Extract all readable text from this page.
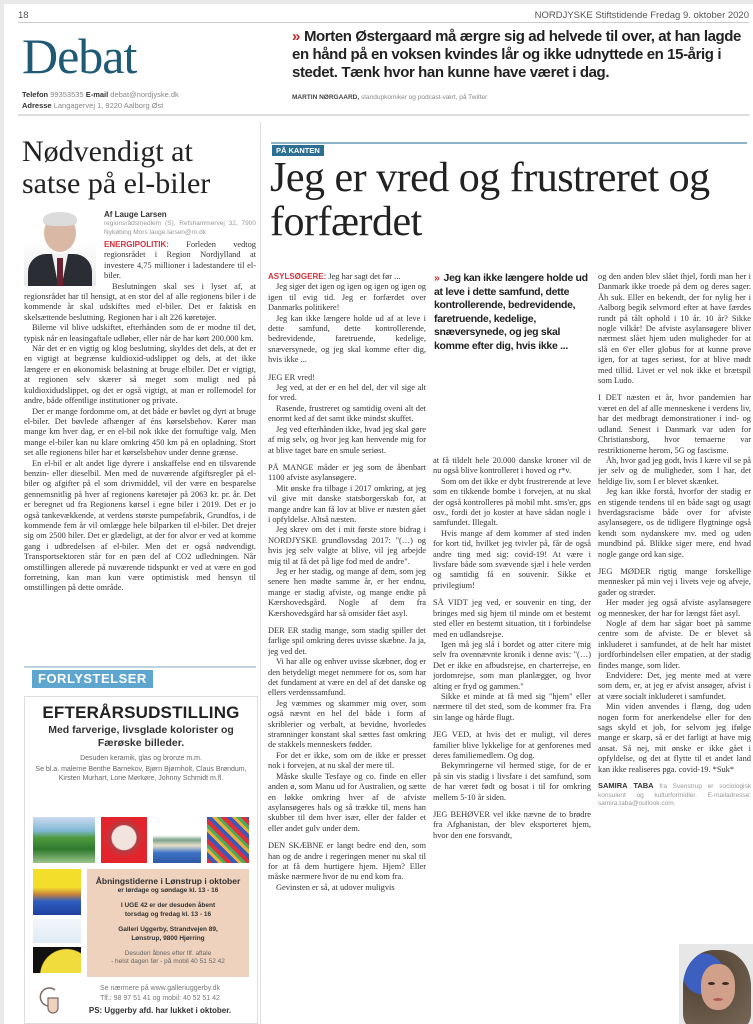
18	NORDJYSKE Stiftstidende Fredag 9. oktober 2020
Debat
Telefon 99353535 E-mail debat@nordjyske.dk
Adresse Langagervej 1, 9220 Aalborg Øst
» Morten Østergaard må ærgre sig ad helvede til over, at han lagde en hånd på en voksen kvindes lår og ikke udnyttede en 15-årig i stedet. Tænk hvor han kunne have været i dag.
MARTIN NØRGAARD, standupkomiker og podcast-vært, på Twitter
Nødvendigt at satse på el-biler
Af Lauge Larsen
regionsrådsmedlem (S), Refshammervej 32, 7900 Nykøbing Mors lauge.larsen@rn.dk

ENERGIPOLITIK: Forleden vedtog regionsrådet i Region Nordjylland at investere 4,75 millioner i ladestandere til el-biler.

Beslutningen skal ses i lyset af, at regionsrådet har til hensigt, at en stor del af alle regionens biler i de kommende år skal udskiftes med el-biler. Det er faktisk en skelsættende beslutning. Regionen har i alt 226 køretøjer.

Bilerne vil blive udskiftet, efterhånden som de er modne til det, typisk når en leasingaftale udløber, eller når de har kørt 200.000 km.

Når det er en vigtig og klog beslutning, skyldes det dels, at det er en vigtigt at begrænse kuldioxid-udslippet og dels, at det ikke længere er en økonomisk belastning at bruge elbiler. Det er vigtigt, at regionen selv skærer så meget som muligt ned på kuldioxidudslippet, og det er også vigtigt, at man er rollemodel for andre, både offentlige institutioner og private.

Der er mange fordomme om, at det både er bøvlet og dyrt at bruge el-biler. Det bøvlede afhænger af éns kørselsbehov. Kører man mange km hver dag, er en el-bil nok ikke det fornuftige valg. Men mange el-biler kan nu klare omkring 450 km på en opladning. Stort set alle regionens biler har et kørselsbehov under denne grænse.

En el-bil er alt andet lige dyrere i anskaffelse end en tilsvarende benzin- eller dieselbil. Men med de nuværende afgiftsregler på el-biler og afgifter på el som drivmiddel, vil der være en besparelse gennemsnitlig på hver af regionens køretøjer på 2063 kr. pr. år. Det er beregnet ud fra Regionens kørsel i egne biler i 2019. Det er jo også tankevækkende, at verdens største pumpefabrik, Grundfos, i de kommende fem år vil omlægge hele bilparken til el-biler. Det drejer sig om 2500 biler. Det er glædeligt, at der for alvor er ved at komme gang i udbredelsen af el-biler. Men det er også nødvendigt. Transportsektoren står for en pæn del af CO2 udledningen. Når omstillingen allerede på nuværende tidspunkt er ved at være en god forretning, kan man kun være optimistisk med hensyn til omstillingen på dette område.

FORLYSTELSER
EFTERÅRSUDSTILLING
Med farverige, livsglade kolorister og Færøske billeder.
Desuden keramik, glas og bronze m.m.
Se bl.a. malerne Benthe Barnekov, Bjørn Bjørnholt, Claus Brøndum, Kirsten Murhart, Lone Mørkøre, Johnny Schmidt m.fl.
Åbningstiderne i Lønstrup i oktober
er lørdage og søndage kl. 13 - 16
I UGE 42 er der desuden åbent
torsdag og fredag kl. 13 - 16
Galleri Uggerby, Strandvejen 89,
Lønstrup, 9800 Hjørring
Desuden åbnes efter tlf. aftale
- helst dagen før - på mobil 40 51 52 42
Se nærmere på www.galleriuggerby.dk
Tlf.: 98 97 51 41 og mobil: 40 52 51 42
PS: Uggerby afd. har lukket i oktober.
PÅ KANTEN
Jeg er vred og frustreret og forfærdet

ASYLSØGERE: Jeg har sagt det før ...

Jeg siger det igen og igen og igen og igen og igen til evig tid. Jeg er forfærdet over Danmarks politikere!

Jeg kan ikke længere holde ud af at leve i dette samfund, dette kontrollerende, bedrevidende, faretruende, kedelige, snæversynede, og jeg skal komme efter dig, hvis ikke ...

JEG ER vred!

Jeg ved, at der er en hel del, der vil sige alt for vred.

Rasende, frustreret og samtidig oveni alt det enormt ked af det samt ikke mindst skuffet.

Jeg ved efterhånden ikke, hvad jeg skal gøre af mig selv, og hvor jeg kan henvende mig for at blive taget bare en smule seriøst.

PÅ MANGE måder er jeg som de åbenbart 1100 afviste asylansøgere.

Mit ønske fra tilbage i 2017 omkring, at jeg vil give mit danske statsborgerskab for, at mange andre kan få lov at blive er næsten gået i opfyldelse. Altså næsten.

Jeg skrev om det i mit første store bidrag i NORDJYSKE grundlovsdag 2017: "(…) og hvis jeg selv valgte at blive, vil jeg arbejde mig til at få det på lige fod med de andre".

Jeg er her stadig, og mange af dem, som jeg senere hen mødte samme år, er her endnu, mange er stadig afviste, og mange endte på Kærshovedsgård. Nogle af dem fra Kærshovedsgård har så omsider fået asyl.

DER ER stadig mange, som stadig spiller det farlige spil omkring deres uvisse skæbne. Ja ja, jeg ved det.

Vi har alle og enhver uvisse skæbner, dog er den betydeligt meget nemmere for os, som har det fundament at være en del af det danske og ellers verdenssamfund.

Jeg væmmes og skammer mig over, som også nævnt en hel del både i form af skriblerier og verbalt, at bevidne, hvorledes stramninger konstant skal sættes fast omkring de stakkels menneskers fødder.

For det er ikke, som om de ikke er presset nok i forvejen, at nu skal der mere til.

Måske skulle Tesfaye og co. finde en eller anden ø, som Manu ud for Australien, og sætte en løkke omkring hver af de afviste asylansøgeres hals og så trække til, mens han skubber til dem hver især, eller der falder et eller andet gulv under dem.

DEN SKÆBNE er langt bedre end den, som han og de andre i regeringen mener nu skal til for at få dem hurtigere hjem. Hjem? Eller måske nærmere hvor de nu end kom fra.

Gevinsten er så, at udover muligvis

» Jeg kan ikke længere holde ud at leve i dette samfund, dette kontrollerende, bedrevidende, faretruende, kedelige, snæversynede, og jeg skal komme efter dig, hvis ikke ...

at få tildelt hele 20.000 danske kroner vil de nu også blive kontrolleret i hoved og r*v.

Som om det ikke er dybt frustrerende at leve som en tikkende bombe i forvejen, at nu skal der også kontrolleres på mobil mht. sms'er, gps osv., fordi det jo koster at have sådan nogle i samfundet. Illegalt.

Hvis mange af dem kommer af sted inden for kort tid, hvilket jeg tvivler på, får de også andre ting med sig: covid-19! At være i livsfare både som svævende sjæl i hele verden og samtidig få en souvenir. Sikke et privilegium!

SÅ VIDT jeg ved, er souvenir en ting, der bringes med sig hjem til minde om et bestemt sted eller en bestemt situation, tit i forbindelse med en udlandsrejse.

Igen må jeg slå i bordet og atter citere mig selv fra ovennævnte kronik i denne avis: "(…) Det er ikke en afbudsrejse, en charterrejse, en jordomrejse, som man planlægger, og hvor alting er fryd og gammen."

Sikke et minde at få med sig "hjem" eller nærmere til det sted, som de kommer fra. Fra sin lange og hårde flugt.

JEG VED, at hvis det er muligt, vil deres familier blive lykkelige for at genforenes med deres familiemedlem. Og dog.

Bekymringerne vil hermed stige, for de er på sin vis stadig i livsfare i det samfund, som de har været født og bosat i til for omkring mellem 5-10 år siden.

JEG BEHØVER vel ikke nævne de to brødre fra Afghanistan, der blev eksporteret hjem, hvor den ene forsvandt,

og den anden blev slået ihjel, fordi man her i Danmark ikke troede på dem og deres sager. Åh suk. Eller en bekendt, der for nylig her i Aalborg begik selvmord efter at have færdes rundt på tålt ophold i 10 år. 10 år? Sikke nogle vilkår! De afviste asylansøgere bliver nærmest slået hjem uden muligheder for at slå en 6'er eller globus for at kunne prøve igen, for at tages seriøst, for at blive mødt med tillid. Livet er vel nok ikke et brætspil som Ludo.

I DET næsten et år, hvor pandemien har været en del af alle menneskene i verdens liv, har det medbragt demonstrationer i ind- og udland. Senest i Danmark var uden for Christiansborg, hvor temaerne var restriktionerne herom, 5G og fascisme.

Åh, hvor gad jeg godt, hvis I kære vil se på jer selv og de muligheder, som I har, det heldige liv, som I er blevet skænket.

Jeg kan ikke forstå, hvorfor der stadig er en stigende tendens til en både sagt og usagt hverdagsracisme både over for afviste asylansøgere, os de tidligere flygtninge også kendt som nydanskere mv. med og uden mundbind på. Blikke siger mere, end hvad nogle gange ord kan sige.

JEG MØDER rigtig mange forskellige mennesker på min vej i livets veje og afveje, gader og stræder.

Her møder jeg også afviste asylansøgere og mennesker, der har for længst fået asyl.

Nogle af dem har sågar boet på samme centre som de afviste. De er blevet så inkluderet i samfundet, at de helt har mistet jordforbindelsen eller empatien, at der stadig findes mange, som lider.

Endvidere: Det, jeg mente med at være som dem, er, at jeg er afvist ansøger, afvist i at være socialt inkluderet i samfundet.

Min viden anvendes i flæng, dog uden nogen form for anerkendelse eller for den sags skyld et job, for selvom jeg ifølge mange er skarp, så er det farligt at have mig ansat. Så nej, mit ønske er ikke gået i opfyldelse, og det at flytte til et andet land kan ikke realiseres pga. covid-19. *Suk*

SAMIRA TABA fra Svenstrup er sociologisk konsulent og kulturformidler. E-mailadresse: samira.taba@outlook.com.
